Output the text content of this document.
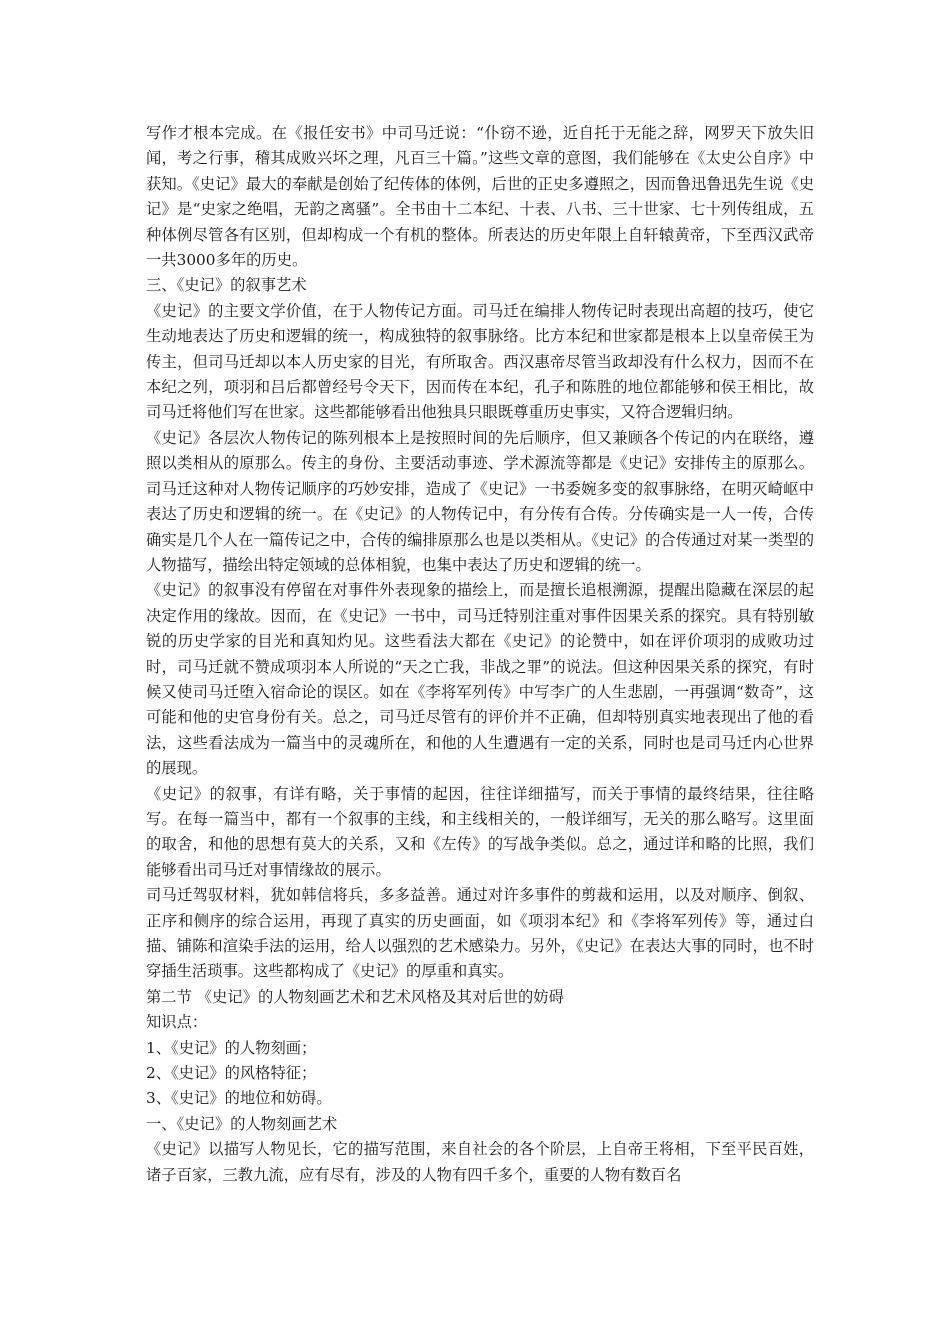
写作才根本完成。在《报任安书》中司马迁说：“仆窃不逊，近自托于无能之辞，网罗天下放失旧闻，考之行事，稽其成败兴坏之理，凡百三十篇。”这些文章的意图，我们能够在《太史公自序》中获知。《史记》最大的奉献是创始了纪传体的体例，后世的正史多遵照之，因而鲁迅鲁迅先生说《史记》是“史家之绝唱，无韵之离骚”。全书由十二本纪、十表、八书、三十世家、七十列传组成，五种体例尽管各有区别，但却构成一个有机的整体。所表达的历史年限上自轩辕黄帝，下至西汉武帝一共3000多年的历史。

三、《史记》的叙事艺术

《史记》的主要文学价值，在于人物传记方面。司马迁在编排人物传记时表现出高超的技巧，使它生动地表达了历史和逻辑的统一，构成独特的叙事脉络。比方本纪和世家都是根本上以皇帝侯王为传主，但司马迁却以本人历史家的目光，有所取舍。西汉惠帝尽管当政却没有什么权力，因而不在本纪之列，项羽和吕后都曾经号令天下，因而传在本纪，孔子和陈胜的地位都能够和侯王相比，故司马迁将他们写在世家。这些都能够看出他独具只眼既尊重历史事实，又符合逻辑归纳。

《史记》各层次人物传记的陈列根本上是按照时间的先后顺序，但又兼顾各个传记的内在联络，遵照以类相从的原那么。传主的身份、主要活动事迹、学术源流等都是《史记》安排传主的原那么。司马迁这种对人物传记顺序的巧妙安排，造成了《史记》一书委婉多变的叙事脉络，在明灭崎岖中表达了历史和逻辑的统一。在《史记》的人物传记中，有分传有合传。分传确实是一人一传，合传确实是几个人在一篇传记之中，合传的编排原那么也是以类相从。《史记》的合传通过对某一类型的人物描写，描绘出特定领域的总体相貌，也集中表达了历史和逻辑的统一。

《史记》的叙事没有停留在对事件外表现象的描绘上，而是擅长追根溯源，提醒出隐藏在深层的起决定作用的缘故。因而，在《史记》一书中，司马迁特别注重对事件因果关系的探究。具有特别敏锐的历史学家的目光和真知灼见。这些看法大都在《史记》的论赞中，如在评价项羽的成败功过时，司马迁就不赞成项羽本人所说的“天之亡我，非战之罪”的说法。但这种因果关系的探究，有时候又使司马迁堕入宿命论的误区。如在《李将军列传》中写李广的人生悲剧，一再强调“数奇”，这可能和他的史官身份有关。总之，司马迁尽管有的评价并不正确，但却特别真实地表现出了他的看法，这些看法成为一篇当中的灵魂所在，和他的人生遭遇有一定的关系，同时也是司马迁内心世界的展现。

《史记》的叙事，有详有略，关于事情的起因，往往详细描写，而关于事情的最终结果，往往略写。在每一篇当中，都有一个叙事的主线，和主线相关的，一般详细写，无关的那么略写。这里面的取舍，和他的思想有莫大的关系，又和《左传》的写战争类似。总之，通过详和略的比照，我们能够看出司马迁对事情缘故的展示。

司马迁驾驭材料，犹如韩信将兵，多多益善。通过对许多事件的剪裁和运用，以及对顺序、倒叙、正序和侧序的综合运用，再现了真实的历史画面，如《项羽本纪》和《李将军列传》等，通过白描、铺陈和渲染手法的运用，给人以强烈的艺术感染力。另外，《史记》在表达大事的同时，也不时穿插生活琐事。这些都构成了《史记》的厚重和真实。

第二节 《史记》的人物刻画艺术和艺术风格及其对后世的妨碍

知识点：

1、《史记》的人物刻画；

2、《史记》的风格特征；

3、《史记》的地位和妨碍。

一、《史记》的人物刻画艺术

《史记》以描写人物见长，它的描写范围，来自社会的各个阶层，上自帝王将相，下至平民百姓，诸子百家，三教九流，应有尽有，涉及的人物有四千多个，重要的人物有数百名
